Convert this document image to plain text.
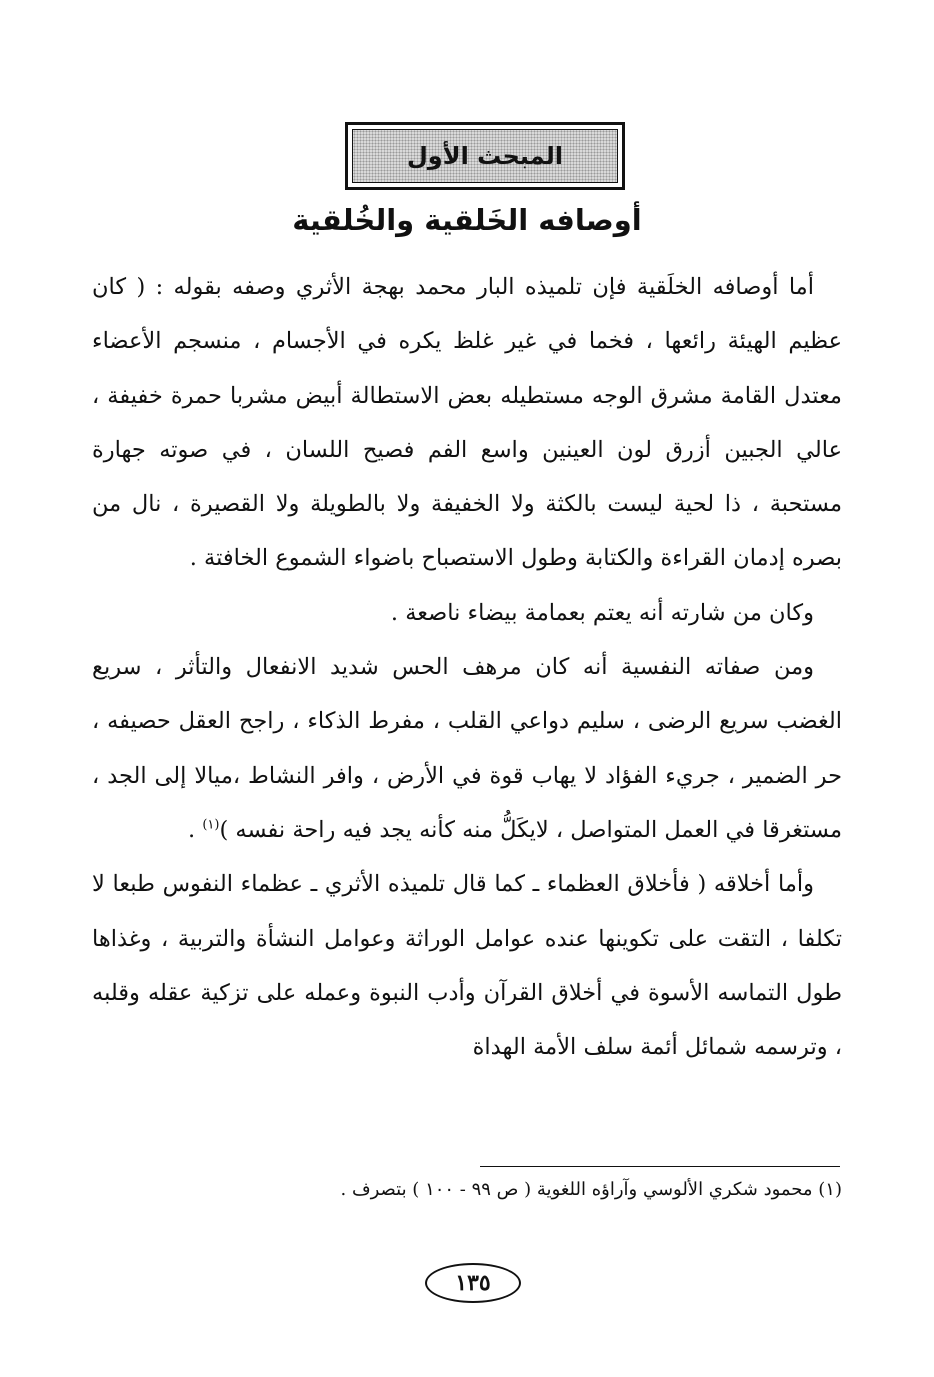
المبحث الأول
أوصافه الخَلقية والخُلقية

أما أوصافه الخلَقية فإن تلميذه البار محمد بهجة الأثري وصفه بقوله : ( كان عظيم الهيئة رائعها ، فخما في غير غلظ يكره في الأجسام ، منسجم الأعضاء معتدل القامة مشرق الوجه مستطيله بعض الاستطالة أبيض مشربا حمرة خفيفة ، عالي الجبين أزرق لون العينين واسع الفم فصيح اللسان ، في صوته جهارة مستحبة ، ذا لحية ليست بالكثة ولا الخفيفة ولا بالطويلة ولا القصيرة ، نال من بصره إدمان القراءة والكتابة وطول الاستصباح باضواء الشموع الخافتة .

وكان من شارته أنه يعتم بعمامة بيضاء ناصعة .

ومن صفاته النفسية أنه كان مرهف الحس شديد الانفعال والتأثر ، سريع الغضب سريع الرضى ، سليم دواعي القلب ، مفرط الذكاء ، راجح العقل حصيفه ، حر الضمير ، جريء الفؤاد لا يهاب قوة في الأرض ، وافر النشاط ،ميالا إلى الجد ، مستغرقا في العمل المتواصل ، لايكَلُّ منه كأنه يجد فيه راحة نفسه )$^{(١)}$ .

وأما أخلاقه ( فأخلاق العظماء ـ كما قال تلميذه الأثري ـ عظماء النفوس طبعا لا تكلفا ، التقت على تكوينها عنده عوامل الوراثة وعوامل النشأة والتربية ، وغذاها طول التماسه الأسوة في أخلاق القرآن وأدب النبوة وعمله على تزكية عقله وقلبه ، وترسمه شمائل أئمة سلف الأمة الهداة

(١) محمود شكري الألوسي وآراؤه اللغوية ( ص ٩٩ - ١٠٠ ) بتصرف .
١٣٥
